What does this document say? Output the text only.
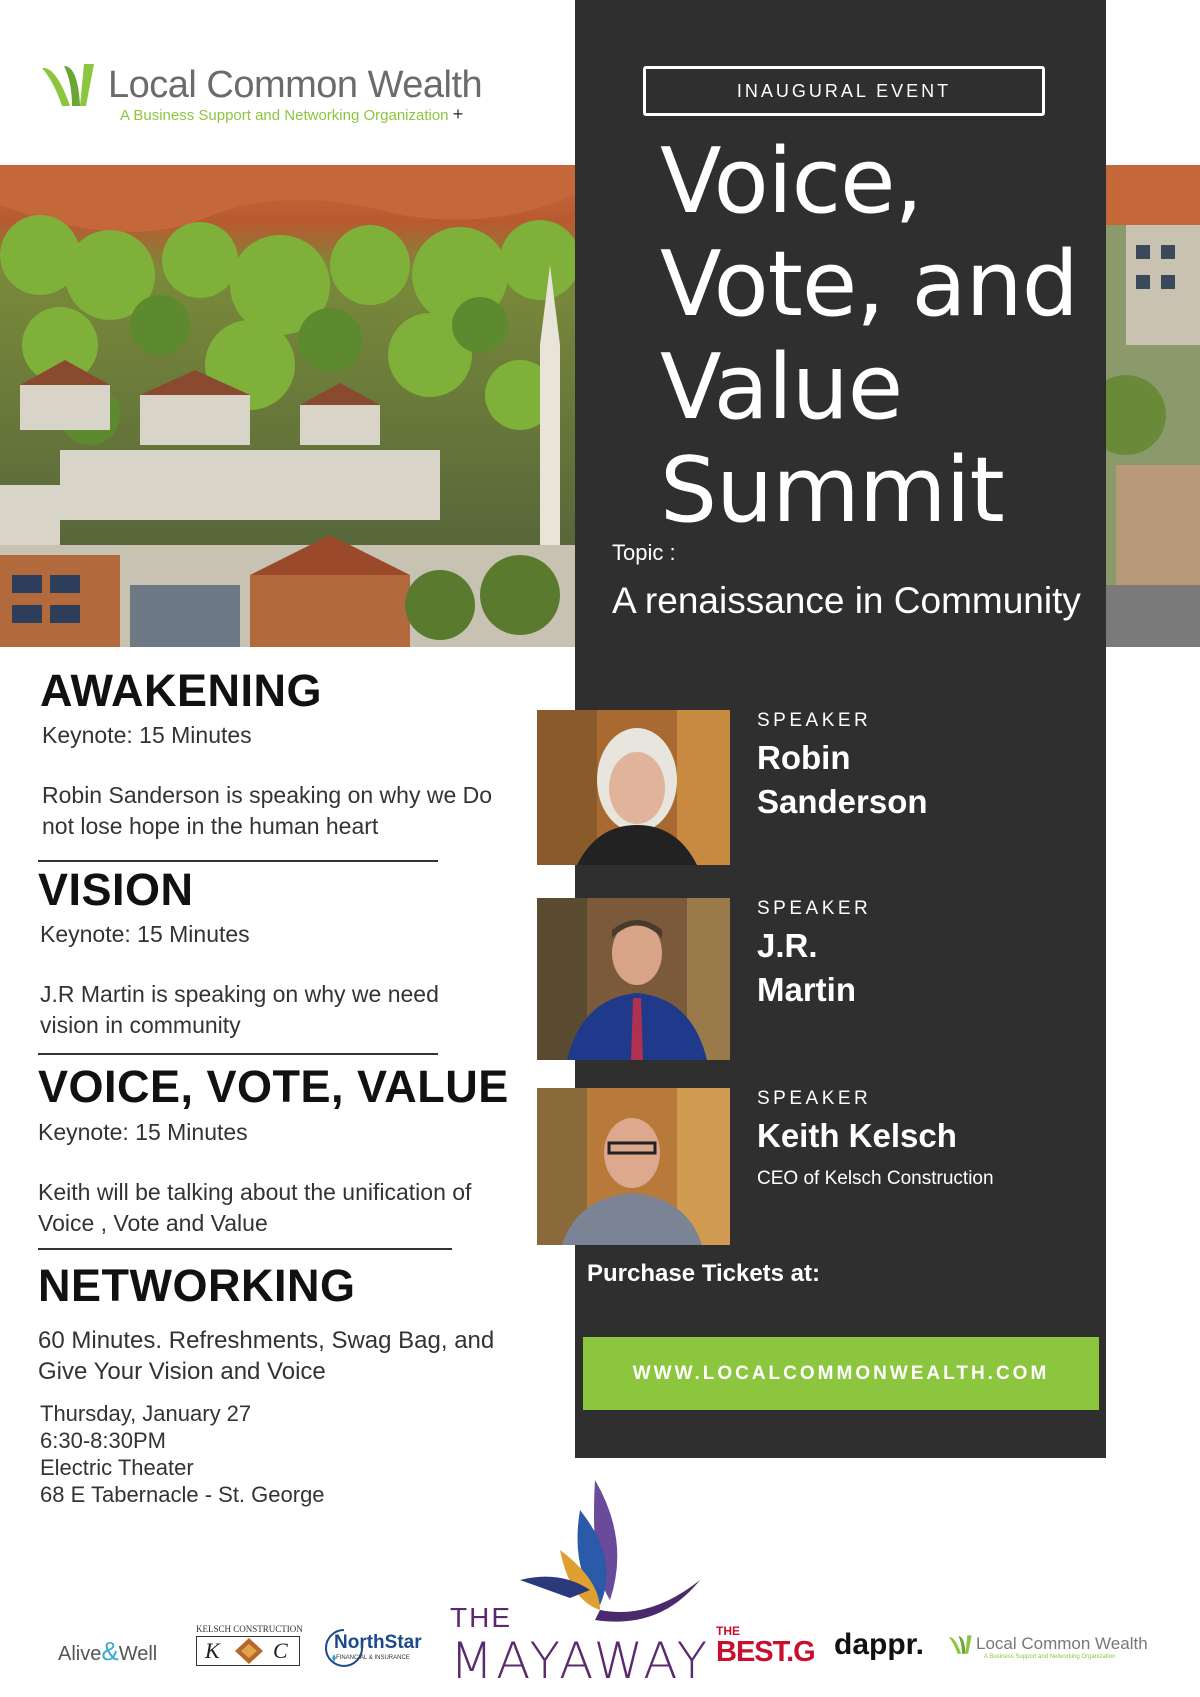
Local Common Wealth
A Business Support and Networking Organization +
INAUGURAL EVENT
Voice,
Vote, and
Value
Summit
Topic :
A renaissance in Community
SPEAKER
Robin Sanderson
SPEAKER
J.R. Martin
SPEAKER
Keith Kelsch
CEO of Kelsch Construction
Purchase Tickets at:
WWW.LOCALCOMMONWEALTH.COM
AWAKENING
Keynote: 15 Minutes
Robin Sanderson is speaking on why we Do not lose hope in the human heart
VISION
Keynote: 15 Minutes
J.R Martin is speaking on why we need vision in community
VOICE, VOTE, VALUE
Keynote: 15 Minutes
Keith will be talking about the unification of Voice , Vote and Value
NETWORKING
60 Minutes. Refreshments, Swag Bag, and Give Your Vision and Voice
Thursday, January 27
6:30-8:30PM
Electric Theater
68 E Tabernacle - St. George
Alive&Well
KELSCH CONSTRUCTION
K C NorthStar
FINANCIAL & INSURANCE
THE
MAYAWAY
THE
BEST.G dappr.	Local Common Wealth
A Business Support and Networking Organization
